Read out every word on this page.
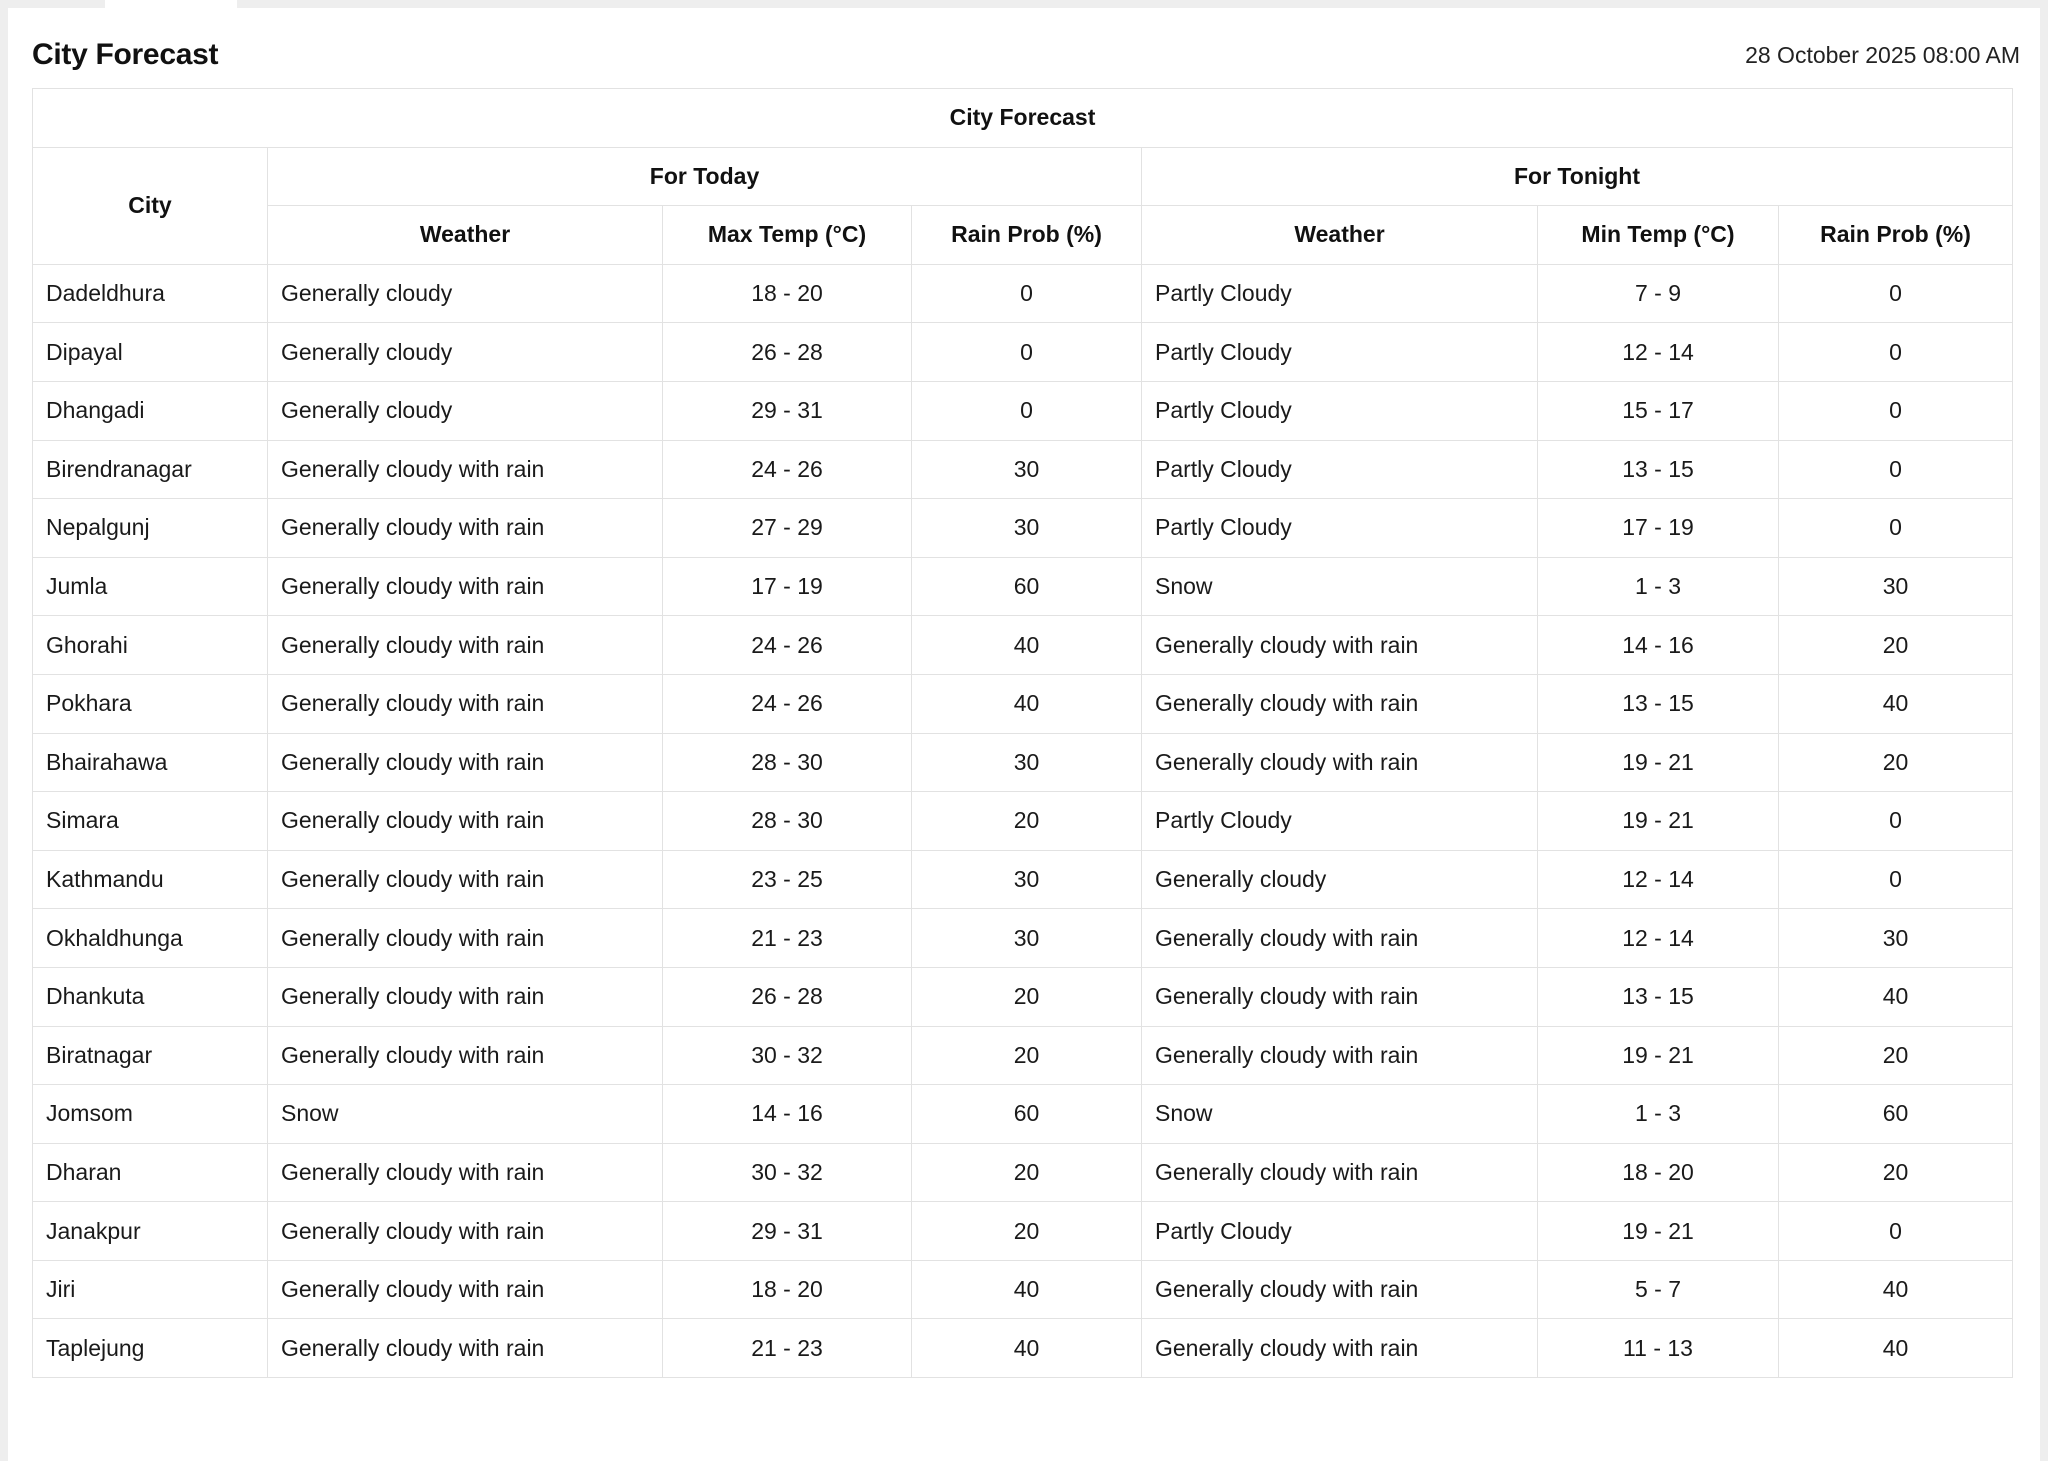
City Forecast	28 October 2025 08:00 AM
City Forecast						
City	For Today			For Tonight		
	Weather	Max Temp (°C)	Rain Prob (%)	Weather	Min Temp (°C)	Rain Prob (%)
Dadeldhura	Generally cloudy	18 - 20	0	Partly Cloudy	7 - 9	0
Dipayal	Generally cloudy	26 - 28	0	Partly Cloudy	12 - 14	0
Dhangadi	Generally cloudy	29 - 31	0	Partly Cloudy	15 - 17	0
Birendranagar	Generally cloudy with rain	24 - 26	30	Partly Cloudy	13 - 15	0
Nepalgunj	Generally cloudy with rain	27 - 29	30	Partly Cloudy	17 - 19	0
Jumla	Generally cloudy with rain	17 - 19	60	Snow	1 - 3	30
Ghorahi	Generally cloudy with rain	24 - 26	40	Generally cloudy with rain	14 - 16	20
Pokhara	Generally cloudy with rain	24 - 26	40	Generally cloudy with rain	13 - 15	40
Bhairahawa	Generally cloudy with rain	28 - 30	30	Generally cloudy with rain	19 - 21	20
Simara	Generally cloudy with rain	28 - 30	20	Partly Cloudy	19 - 21	0
Kathmandu	Generally cloudy with rain	23 - 25	30	Generally cloudy	12 - 14	0
Okhaldhunga	Generally cloudy with rain	21 - 23	30	Generally cloudy with rain	12 - 14	30
Dhankuta	Generally cloudy with rain	26 - 28	20	Generally cloudy with rain	13 - 15	40
Biratnagar	Generally cloudy with rain	30 - 32	20	Generally cloudy with rain	19 - 21	20
Jomsom	Snow	14 - 16	60	Snow	1 - 3	60
Dharan	Generally cloudy with rain	30 - 32	20	Generally cloudy with rain	18 - 20	20
Janakpur	Generally cloudy with rain	29 - 31	20	Partly Cloudy	19 - 21	0
Jiri	Generally cloudy with rain	18 - 20	40	Generally cloudy with rain	5 - 7	40
Taplejung	Generally cloudy with rain	21 - 23	40	Generally cloudy with rain	11 - 13	40
